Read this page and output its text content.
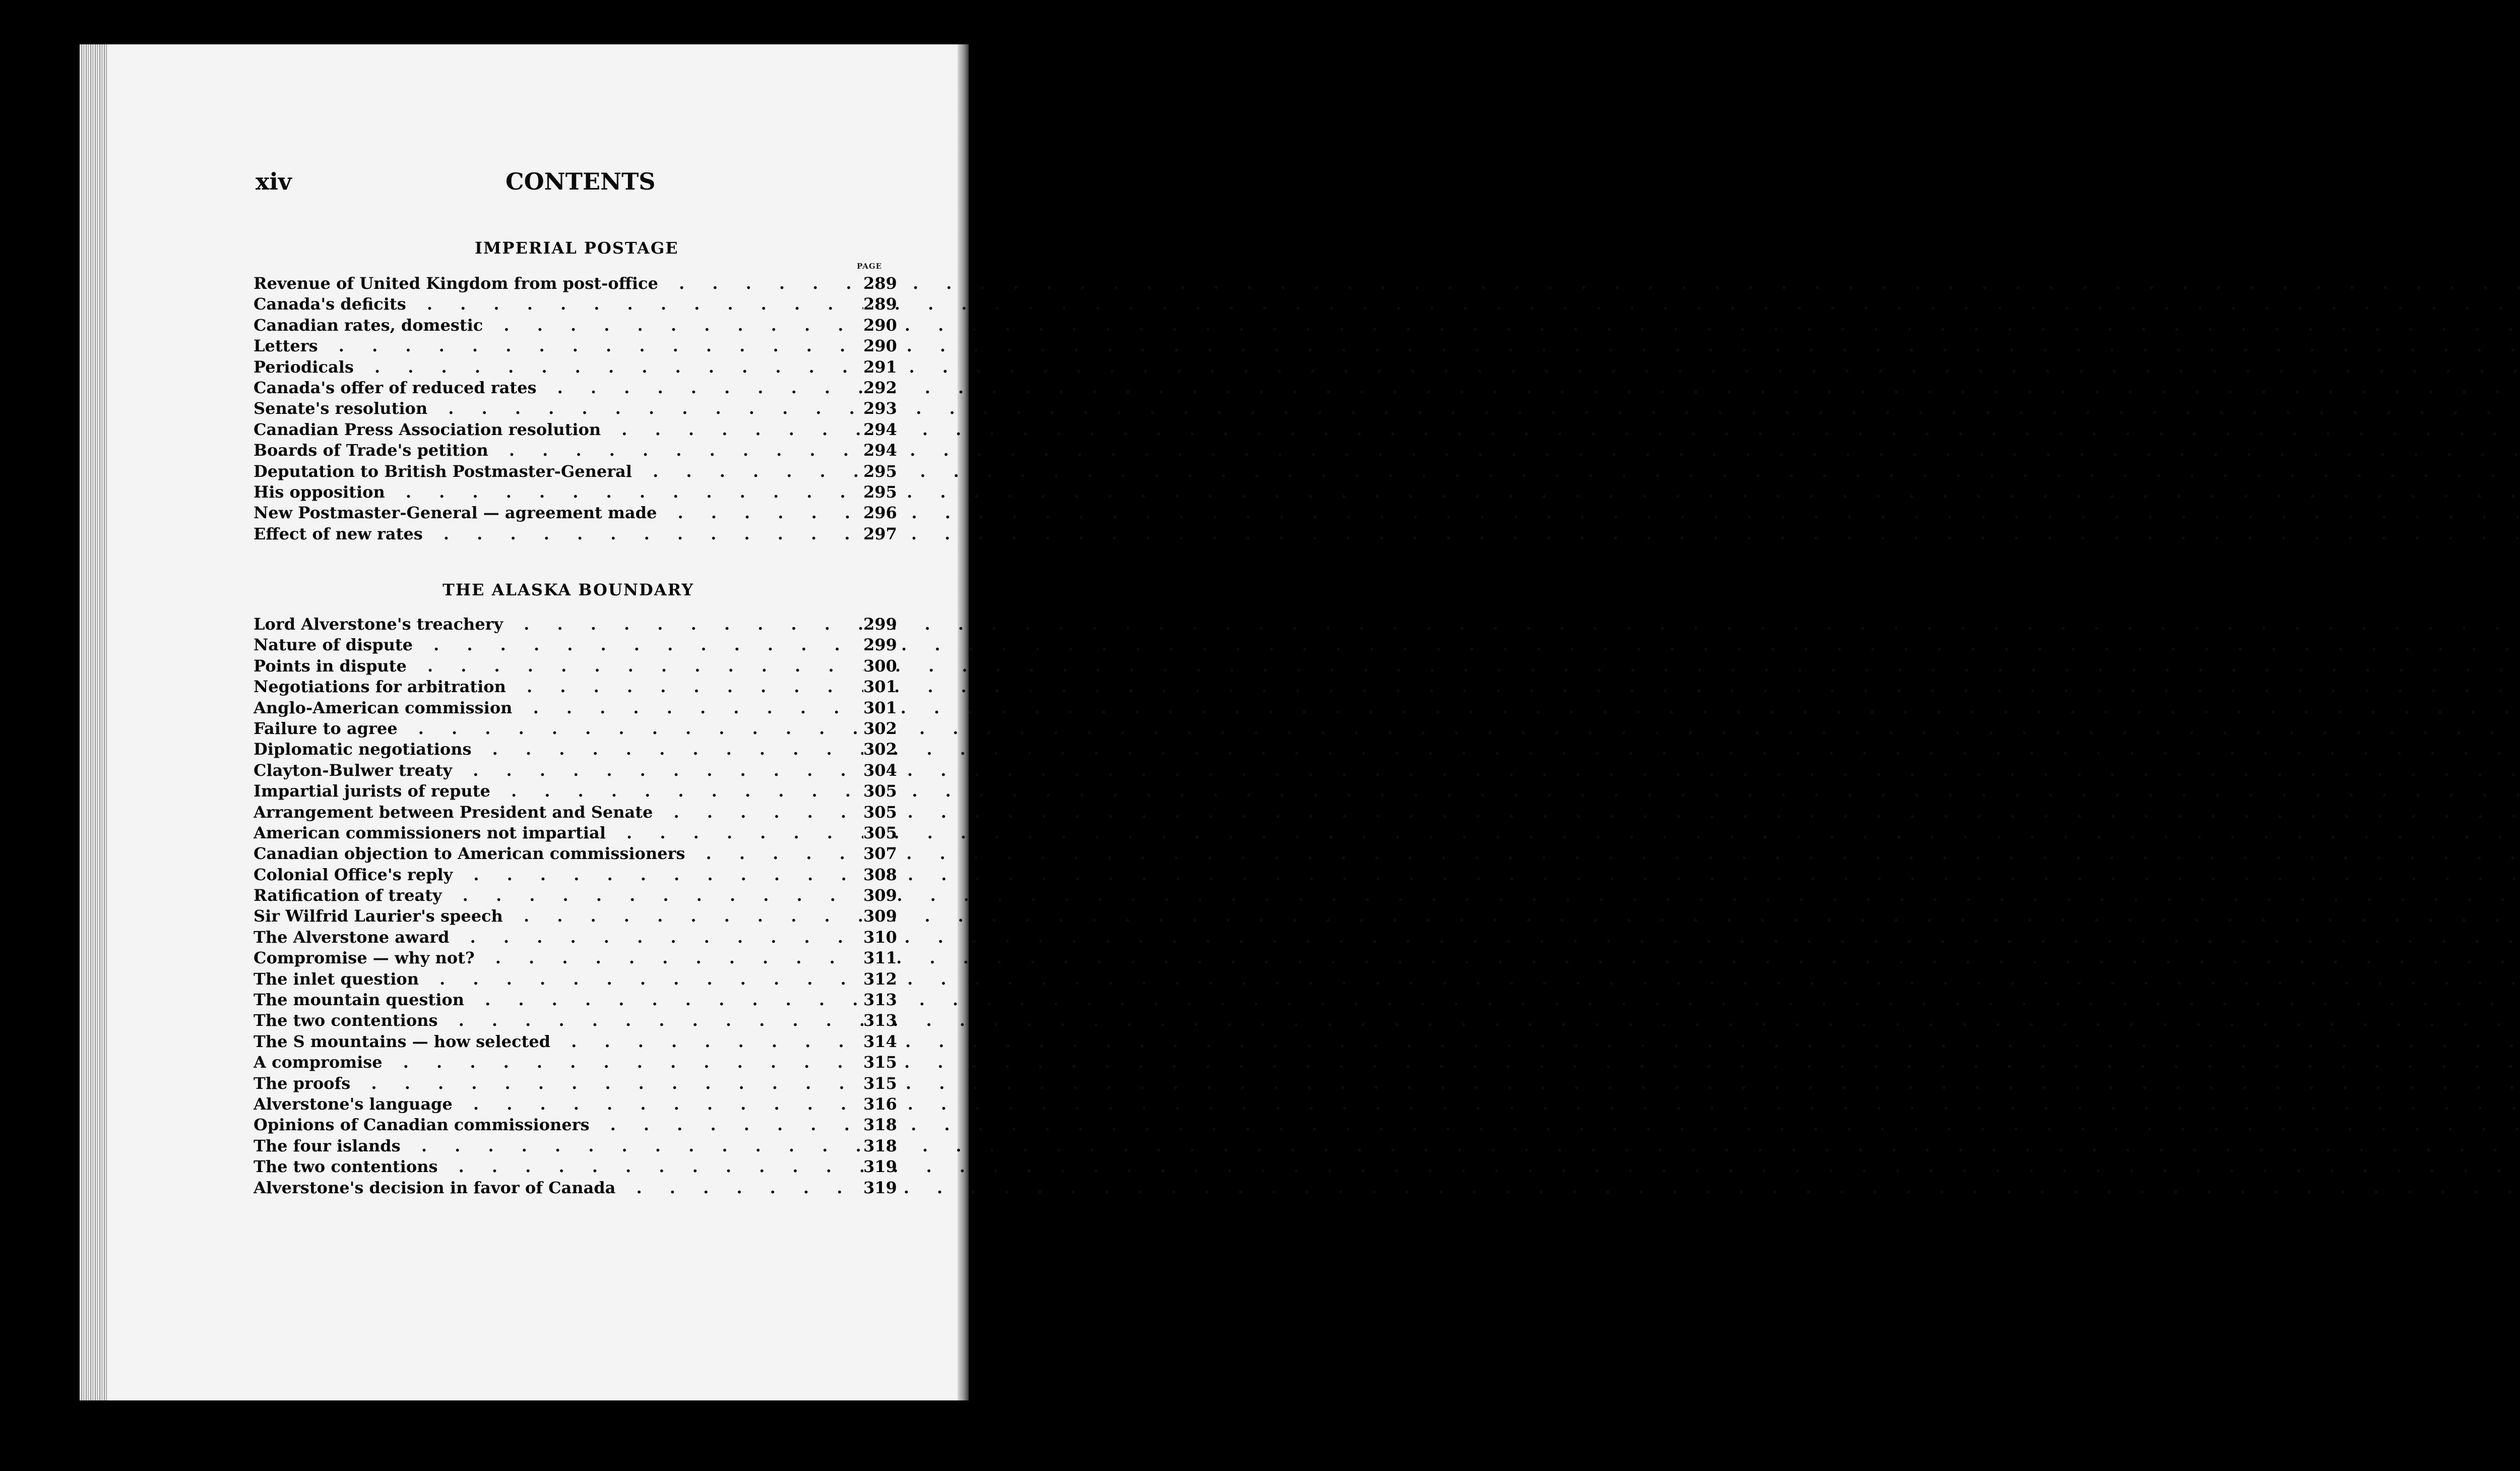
xiv	CONTENTS

IMPERIAL POSTAGE

PAGE
Revenue of United Kingdom from post-office . . .	289
Canada's deficits . . .	289
Canadian rates, domestic . . .	290
Letters . . .	290
Periodicals . . .	291
Canada's offer of reduced rates . . .	292
Senate's resolution . . .	293
Canadian Press Association resolution . . .	294
Boards of Trade's petition . . .	294
Deputation to British Postmaster-General . . .	295
His opposition . . .	295
New Postmaster-General — agreement made . . .	296
Effect of new rates . . .	297

THE ALASKA BOUNDARY

Lord Alverstone's treachery . . .	299
Nature of dispute . . .	299
Points in dispute . . .	300
Negotiations for arbitration . . .	301
Anglo-American commission . . .	301
Failure to agree . . .	302
Diplomatic negotiations . . .	302
Clayton-Bulwer treaty . . .	304
Impartial jurists of repute . . .	305
Arrangement between President and Senate . . .	305
American commissioners not impartial . . .	305
Canadian objection to American commissioners . . .	307
Colonial Office's reply . . .	308
Ratification of treaty . . .	309
Sir Wilfrid Laurier's speech . . .	309
The Alverstone award . . .	310
Compromise — why not? . . .	311
The inlet question . . .	312
The mountain question . . .	313
The two contentions . . .	313
The S mountains — how selected . . .	314
A compromise . . .	315
The proofs . . .	315
Alverstone's language . . .	316
Opinions of Canadian commissioners . . .	318
The four islands . . .	318
The two contentions . . .	319
Alverstone's decision in favor of Canada . . .	319
